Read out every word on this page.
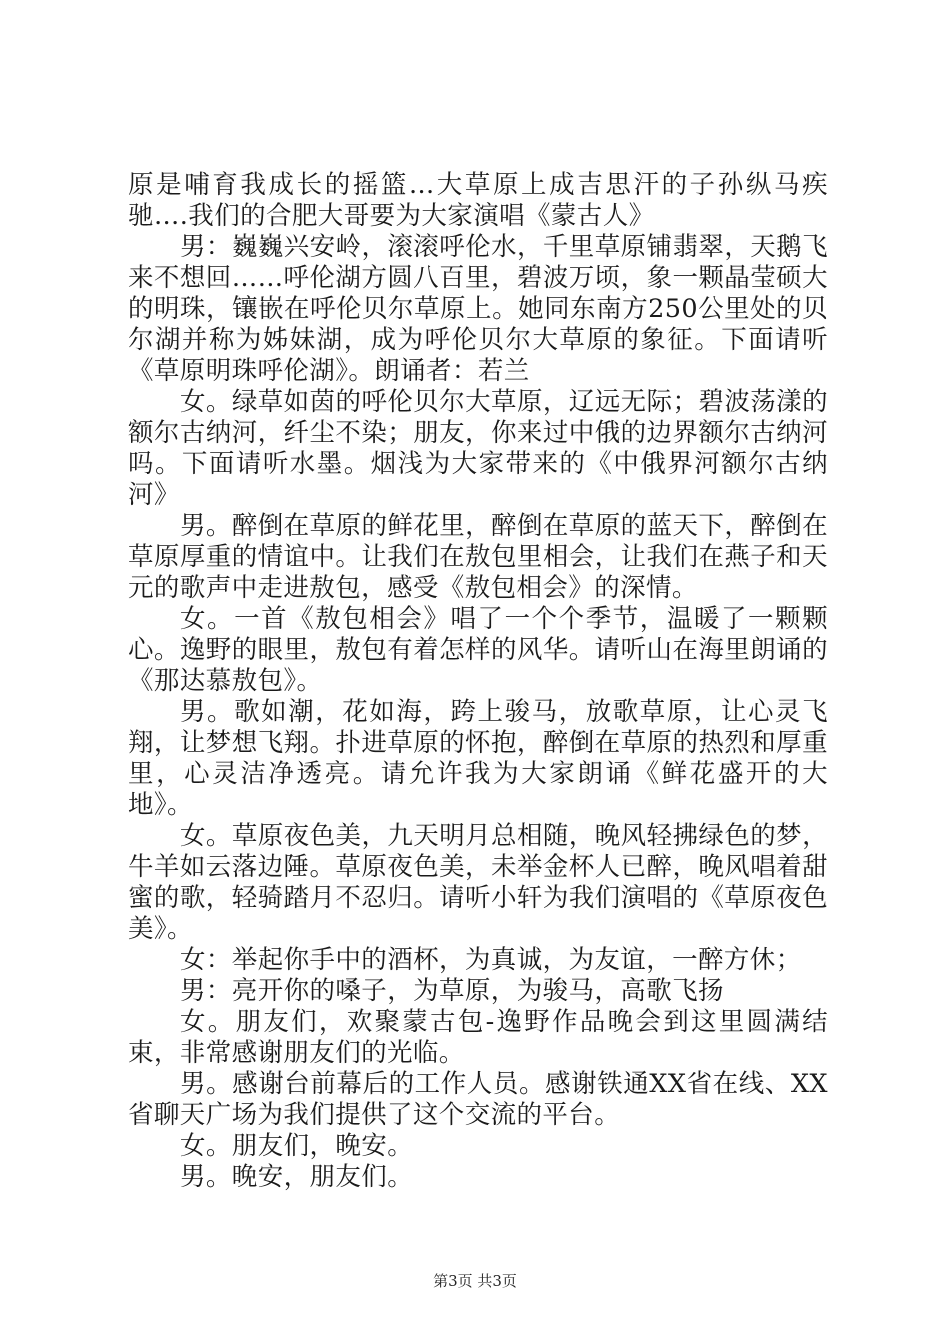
原是哺育我成长的摇篮...大草原上成吉思汗的子孙纵马疾驰….我们的合肥大哥要为大家演唱《蒙古人》

男：巍巍兴安岭，滚滚呼伦水，千里草原铺翡翠，天鹅飞来不想回……呼伦湖方圆八百里，碧波万顷，象一颗晶莹硕大的明珠，镶嵌在呼伦贝尔草原上。她同东南方250公里处的贝尔湖并称为姊妹湖，成为呼伦贝尔大草原的象征。下面请听《草原明珠呼伦湖》。朗诵者：若兰

女。绿草如茵的呼伦贝尔大草原，辽远无际；碧波荡漾的额尔古纳河，纤尘不染；朋友，你来过中俄的边界额尔古纳河吗。下面请听水墨。烟浅为大家带来的《中俄界河额尔古纳河》

男。醉倒在草原的鲜花里，醉倒在草原的蓝天下，醉倒在草原厚重的情谊中。让我们在敖包里相会，让我们在燕子和天元的歌声中走进敖包，感受《敖包相会》的深情。

女。一首《敖包相会》唱了一个个季节，温暖了一颗颗心。逸野的眼里，敖包有着怎样的风华。请听山在海里朗诵的《那达慕敖包》。

男。歌如潮，花如海，跨上骏马，放歌草原，让心灵飞翔，让梦想飞翔。扑进草原的怀抱，醉倒在草原的热烈和厚重里，心灵洁净透亮。请允许我为大家朗诵《鲜花盛开的大地》。

女。草原夜色美，九天明月总相随，晚风轻拂绿色的梦，牛羊如云落边陲。草原夜色美，未举金杯人已醉，晚风唱着甜蜜的歌，轻骑踏月不忍归。请听小轩为我们演唱的《草原夜色美》。

女：举起你手中的酒杯，为真诚，为友谊，一醉方休；

男：亮开你的嗓子，为草原，为骏马，高歌飞扬

女。朋友们，欢聚蒙古包-逸野作品晚会到这里圆满结束，非常感谢朋友们的光临。

男。感谢台前幕后的工作人员。感谢铁通XX省在线、XX省聊天广场为我们提供了这个交流的平台。

女。朋友们，晚安。

男。晚安，朋友们。

第3页 共3页
